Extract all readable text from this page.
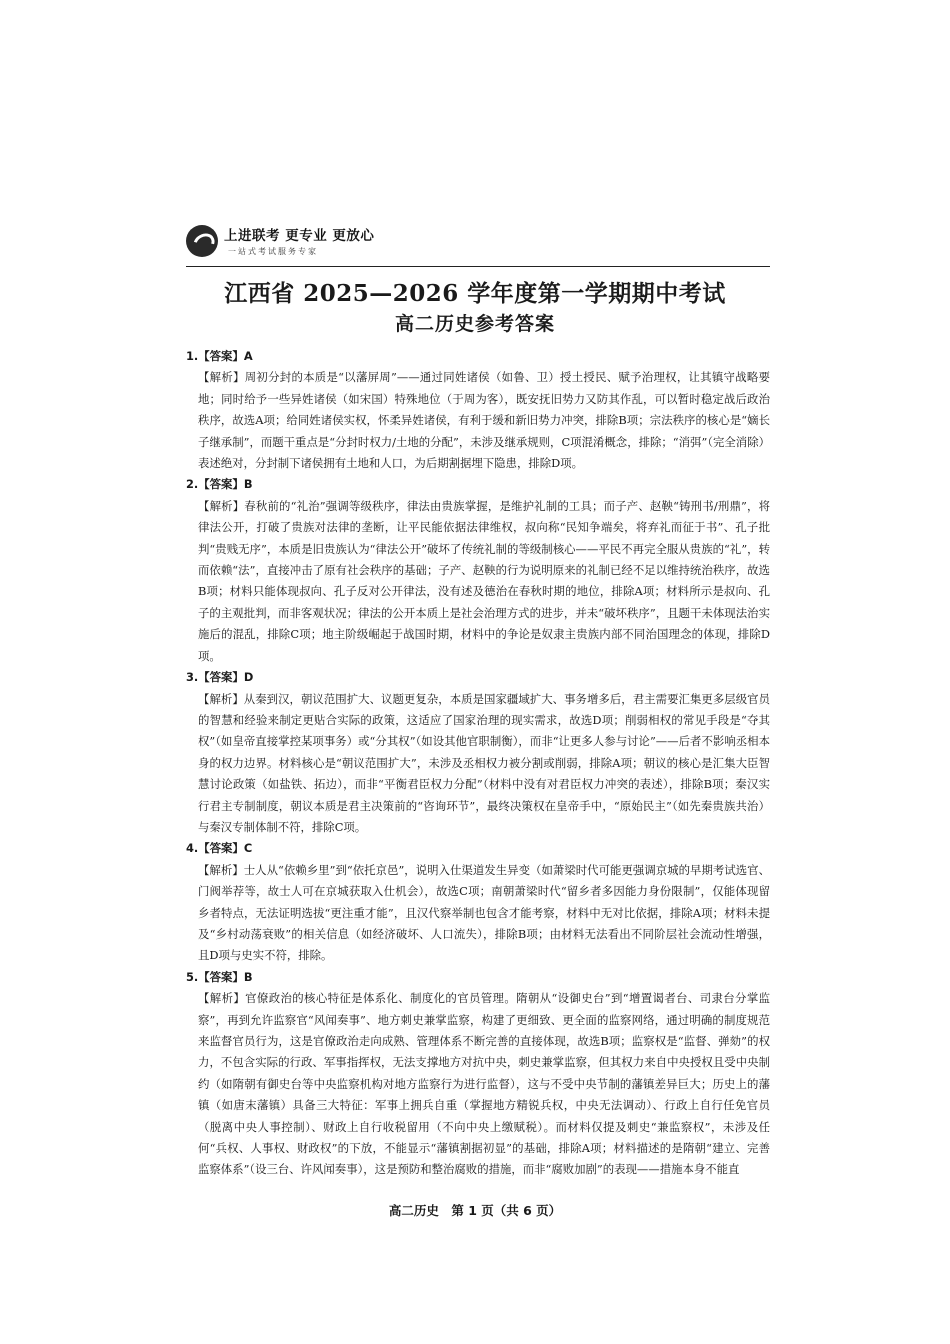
上进联考 更专业 更放心
一站式考试服务专家
江西省 2025—2026 学年度第一学期期中考试
高二历史参考答案
1.【答案】A
【解析】周初分封的本质是“以藩屏周”——通过同姓诸侯（如鲁、卫）授土授民、赋予治理权，让其镇守战略要地；同时给予一些异姓诸侯（如宋国）特殊地位（于周为客），既安抚旧势力又防其作乱，可以暂时稳定战后政治秩序，故选A项；给同姓诸侯实权，怀柔异姓诸侯，有利于缓和新旧势力冲突，排除B项；宗法秩序的核心是“嫡长子继承制”，而题干重点是“分封时权力/土地的分配”，未涉及继承规则，C项混淆概念，排除；“消弭”（完全消除）表述绝对，分封制下诸侯拥有土地和人口，为后期割据埋下隐患，排除D项。
2.【答案】B
【解析】春秋前的“礼治”强调等级秩序，律法由贵族掌握，是维护礼制的工具；而子产、赵鞅“铸刑书/刑鼎”，将律法公开，打破了贵族对法律的垄断，让平民能依据法律维权，叔向称“民知争端矣，将弃礼而征于书”、孔子批判“贵贱无序”，本质是旧贵族认为“律法公开”破坏了传统礼制的等级制核心——平民不再完全服从贵族的“礼”，转而依赖“法”，直接冲击了原有社会秩序的基础；子产、赵鞅的行为说明原来的礼制已经不足以维持统治秩序，故选B项；材料只能体现叔向、孔子反对公开律法，没有述及德治在春秋时期的地位，排除A项；材料所示是叔向、孔子的主观批判，而非客观状况；律法的公开本质上是社会治理方式的进步，并未“破坏秩序”，且题干未体现法治实施后的混乱，排除C项；地主阶级崛起于战国时期，材料中的争论是奴隶主贵族内部不同治国理念的体现，排除D项。
3.【答案】D
【解析】从秦到汉，朝议范围扩大、议题更复杂，本质是国家疆域扩大、事务增多后，君主需要汇集更多层级官员的智慧和经验来制定更贴合实际的政策，这适应了国家治理的现实需求，故选D项；削弱相权的常见手段是“夺其权”（如皇帝直接掌控某项事务）或“分其权”（如设其他官职制衡），而非“让更多人参与讨论”——后者不影响丞相本身的权力边界。材料核心是“朝议范围扩大”，未涉及丞相权力被分割或削弱，排除A项；朝议的核心是汇集大臣智慧讨论政策（如盐铁、拓边），而非“平衡君臣权力分配”（材料中没有对君臣权力冲突的表述），排除B项；秦汉实行君主专制制度，朝议本质是君主决策前的“咨询环节”，最终决策权在皇帝手中，“原始民主”（如先秦贵族共治）与秦汉专制体制不符，排除C项。
4.【答案】C
【解析】士人从“依赖乡里”到“依托京邑”，说明入仕渠道发生异变（如萧梁时代可能更强调京城的早期考试选官、门阀举荐等，故士人可在京城获取入仕机会），故选C项；南朝萧梁时代“留乡者多因能力身份限制”，仅能体现留乡者特点，无法证明选拔“更注重才能”，且汉代察举制也包含才能考察，材料中无对比依据，排除A项；材料未提及“乡村动荡衰败”的相关信息（如经济破坏、人口流失），排除B项；由材料无法看出不同阶层社会流动性增强，且D项与史实不符，排除。
5.【答案】B
【解析】官僚政治的核心特征是体系化、制度化的官员管理。隋朝从“设御史台”到“增置谒者台、司隶台分掌监察”，再到允许监察官“风闻奏事”、地方刺史兼掌监察，构建了更细致、更全面的监察网络，通过明确的制度规范来监督官员行为，这是官僚政治走向成熟、管理体系不断完善的直接体现，故选B项；监察权是“监督、弹劾”的权力，不包含实际的行政、军事指挥权，无法支撑地方对抗中央，刺史兼掌监察，但其权力来自中央授权且受中央制约（如隋朝有御史台等中央监察机构对地方监察行为进行监督），这与不受中央节制的藩镇差异巨大；历史上的藩镇（如唐末藩镇）具备三大特征：军事上拥兵自重（掌握地方精锐兵权，中央无法调动）、行政上自行任免官员（脱离中央人事控制）、财政上自行收税留用（不向中央上缴赋税）。而材料仅提及刺史“兼监察权”，未涉及任何“兵权、人事权、财政权”的下放，不能显示“藩镇割据初显”的基础，排除A项；材料描述的是隋朝“建立、完善监察体系”（设三台、许风闻奏事），这是预防和整治腐败的措施，而非“腐败加剧”的表现——措施本身不能直
高二历史　第 1 页（共 6 页）
